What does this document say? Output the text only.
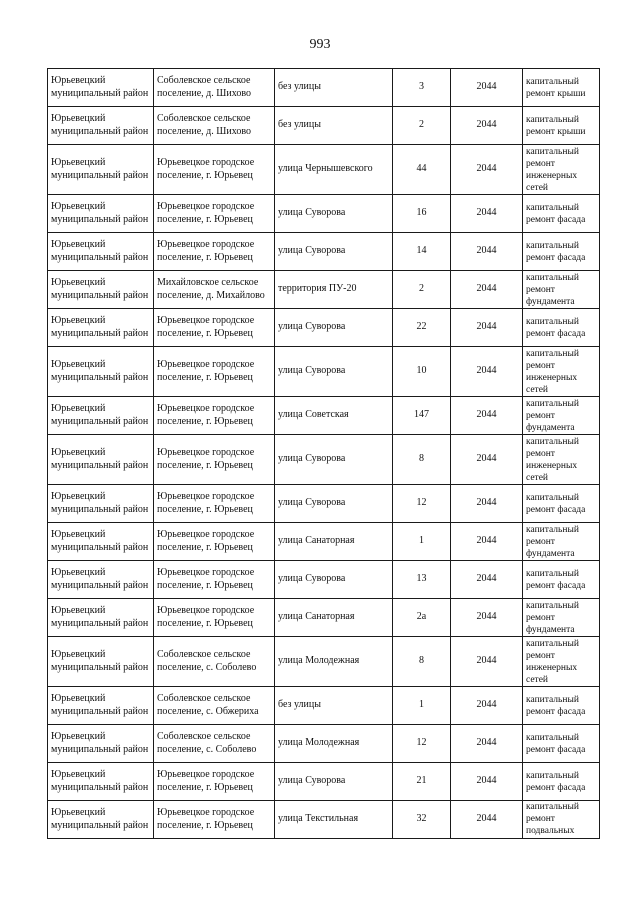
993
Юрьевецкий муниципальный район	Соболевское сельское поселение, д. Шихово	без улицы	3	2044	капитальный ремонт крыши
Юрьевецкий муниципальный район	Соболевское сельское поселение, д. Шихово	без улицы	2	2044	капитальный ремонт крыши
Юрьевецкий муниципальный район	Юрьевецкое городское поселение, г. Юрьевец	улица Чернышевского	44	2044	капитальный ремонт инженерных сетей
Юрьевецкий муниципальный район	Юрьевецкое городское поселение, г. Юрьевец	улица Суворова	16	2044	капитальный ремонт фасада
Юрьевецкий муниципальный район	Юрьевецкое городское поселение, г. Юрьевец	улица Суворова	14	2044	капитальный ремонт фасада
Юрьевецкий муниципальный район	Михайловское сельское поселение, д. Михайлово	территория ПУ-20	2	2044	капитальный ремонт фундамента
Юрьевецкий муниципальный район	Юрьевецкое городское поселение, г. Юрьевец	улица Суворова	22	2044	капитальный ремонт фасада
Юрьевецкий муниципальный район	Юрьевецкое городское поселение, г. Юрьевец	улица Суворова	10	2044	капитальный ремонт инженерных сетей
Юрьевецкий муниципальный район	Юрьевецкое городское поселение, г. Юрьевец	улица Советская	147	2044	капитальный ремонт фундамента
Юрьевецкий муниципальный район	Юрьевецкое городское поселение, г. Юрьевец	улица Суворова	8	2044	капитальный ремонт инженерных сетей
Юрьевецкий муниципальный район	Юрьевецкое городское поселение, г. Юрьевец	улица Суворова	12	2044	капитальный ремонт фасада
Юрьевецкий муниципальный район	Юрьевецкое городское поселение, г. Юрьевец	улица Санаторная	1	2044	капитальный ремонт фундамента
Юрьевецкий муниципальный район	Юрьевецкое городское поселение, г. Юрьевец	улица Суворова	13	2044	капитальный ремонт фасада
Юрьевецкий муниципальный район	Юрьевецкое городское поселение, г. Юрьевец	улица Санаторная	2а	2044	капитальный ремонт фундамента
Юрьевецкий муниципальный район	Соболевское сельское поселение, с. Соболево	улица Молодежная	8	2044	капитальный ремонт инженерных сетей
Юрьевецкий муниципальный район	Соболевское сельское поселение, с. Обжериха	без улицы	1	2044	капитальный ремонт фасада
Юрьевецкий муниципальный район	Соболевское сельское поселение, с. Соболево	улица Молодежная	12	2044	капитальный ремонт фасада
Юрьевецкий муниципальный район	Юрьевецкое городское поселение, г. Юрьевец	улица Суворова	21	2044	капитальный ремонт фасада
Юрьевецкий муниципальный район	Юрьевецкое городское поселение, г. Юрьевец	улица Текстильная	32	2044	капитальный ремонт подвальных
